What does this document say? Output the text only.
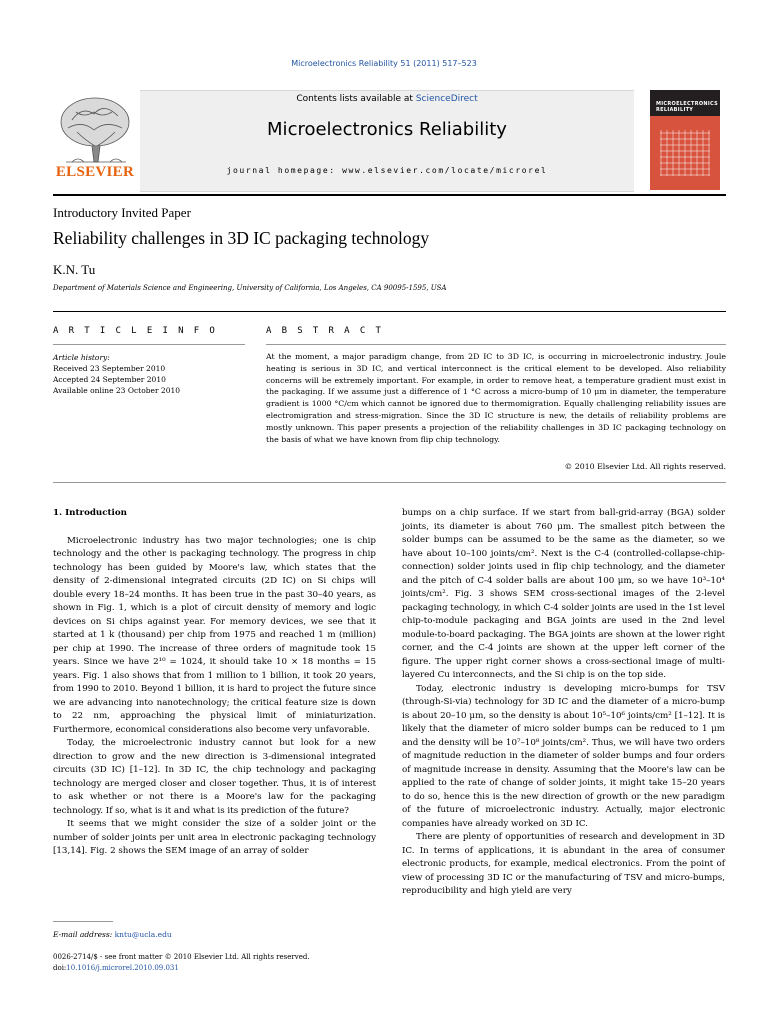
Microelectronics Reliability 51 (2011) 517–523
Contents lists available at ScienceDirect
Microelectronics Reliability
journal homepage: www.elsevier.com/locate/microrel
ELSEVIER
MICROELECTRONICS RELIABILITY
Introductory Invited Paper
Reliability challenges in 3D IC packaging technology
K.N. Tu
Department of Materials Science and Engineering, University of California, Los Angeles, CA 90095-1595, USA
A R T I C L E I N F O	A B S T R A C T
Article history:
Received 23 September 2010
Accepted 24 September 2010
Available online 23 October 2010
At the moment, a major paradigm change, from 2D IC to 3D IC, is occurring in microelectronic industry. Joule heating is serious in 3D IC, and vertical interconnect is the critical element to be developed. Also reliability concerns will be extremely important. For example, in order to remove heat, a temperature gradient must exist in the packaging. If we assume just a difference of 1 °C across a micro-bump of 10 μm in diameter, the temperature gradient is 1000 °C/cm which cannot be ignored due to thermomigration. Equally challenging reliability issues are electromigration and stress-migration. Since the 3D IC structure is new, the details of reliability problems are mostly unknown. This paper presents a projection of the reliability challenges in 3D IC packaging technology on the basis of what we have known from flip chip technology.
© 2010 Elsevier Ltd. All rights reserved.
1. Introduction

Microelectronic industry has two major technologies; one is chip technology and the other is packaging technology. The progress in chip technology has been guided by Moore's law, which states that the density of 2-dimensional integrated circuits (2D IC) on Si chips will double every 18–24 months. It has been true in the past 30–40 years, as shown in Fig. 1, which is a plot of circuit density of memory and logic devices on Si chips against year. For memory devices, we see that it started at 1 k (thousand) per chip from 1975 and reached 1 m (million) per chip at 1990. The increase of three orders of magnitude took 15 years. Since we have 2¹⁰ = 1024, it should take 10 × 18 months = 15 years. Fig. 1 also shows that from 1 million to 1 billion, it took 20 years, from 1990 to 2010. Beyond 1 billion, it is hard to project the future since we are advancing into nanotechnology; the critical feature size is down to 22 nm, approaching the physical limit of miniaturization. Furthermore, economical considerations also become very unfavorable.

Today, the microelectronic industry cannot but look for a new direction to grow and the new direction is 3-dimensional integrated circuits (3D IC) [1–12]. In 3D IC, the chip technology and packaging technology are merged closer and closer together. Thus, it is of interest to ask whether or not there is a Moore's law for the packaging technology. If so, what is it and what is its prediction of the future?

It seems that we might consider the size of a solder joint or the number of solder joints per unit area in electronic packaging technology [13,14]. Fig. 2 shows the SEM image of an array of solder

bumps on a chip surface. If we start from ball-grid-array (BGA) solder joints, its diameter is about 760 μm. The smallest pitch between the solder bumps can be assumed to be the same as the diameter, so we have about 10–100 joints/cm². Next is the C-4 (controlled-collapse-chip-connection) solder joints used in flip chip technology, and the diameter and the pitch of C-4 solder balls are about 100 μm, so we have 10³–10⁴ joints/cm². Fig. 3 shows SEM cross-sectional images of the 2-level packaging technology, in which C-4 solder joints are used in the 1st level chip-to-module packaging and BGA joints are used in the 2nd level module-to-board packaging. The BGA joints are shown at the lower right corner, and the C-4 joints are shown at the upper left corner of the figure. The upper right corner shows a cross-sectional image of multi-layered Cu interconnects, and the Si chip is on the top side.

Today, electronic industry is developing micro-bumps for TSV (through-Si-via) technology for 3D IC and the diameter of a micro-bump is about 20–10 μm, so the density is about 10⁵–10⁶ joints/cm² [1–12]. It is likely that the diameter of micro solder bumps can be reduced to 1 μm and the density will be 10⁷–10⁸ joints/cm². Thus, we will have two orders of magnitude reduction in the diameter of solder bumps and four orders of magnitude increase in density. Assuming that the Moore's law can be applied to the rate of change of solder joints, it might take 15–20 years to do so, hence this is the new direction of growth or the new paradigm of the future of microelectronic industry. Actually, major electronic companies have already worked on 3D IC.

There are plenty of opportunities of research and development in 3D IC. In terms of applications, it is abundant in the area of consumer electronic products, for example, medical electronics. From the point of view of processing 3D IC or the manufacturing of TSV and micro-bumps, reproducibility and high yield are very

E-mail address: kntu@ucla.edu
0026-2714/$ - see front matter © 2010 Elsevier Ltd. All rights reserved.
doi:10.1016/j.microrel.2010.09.031
